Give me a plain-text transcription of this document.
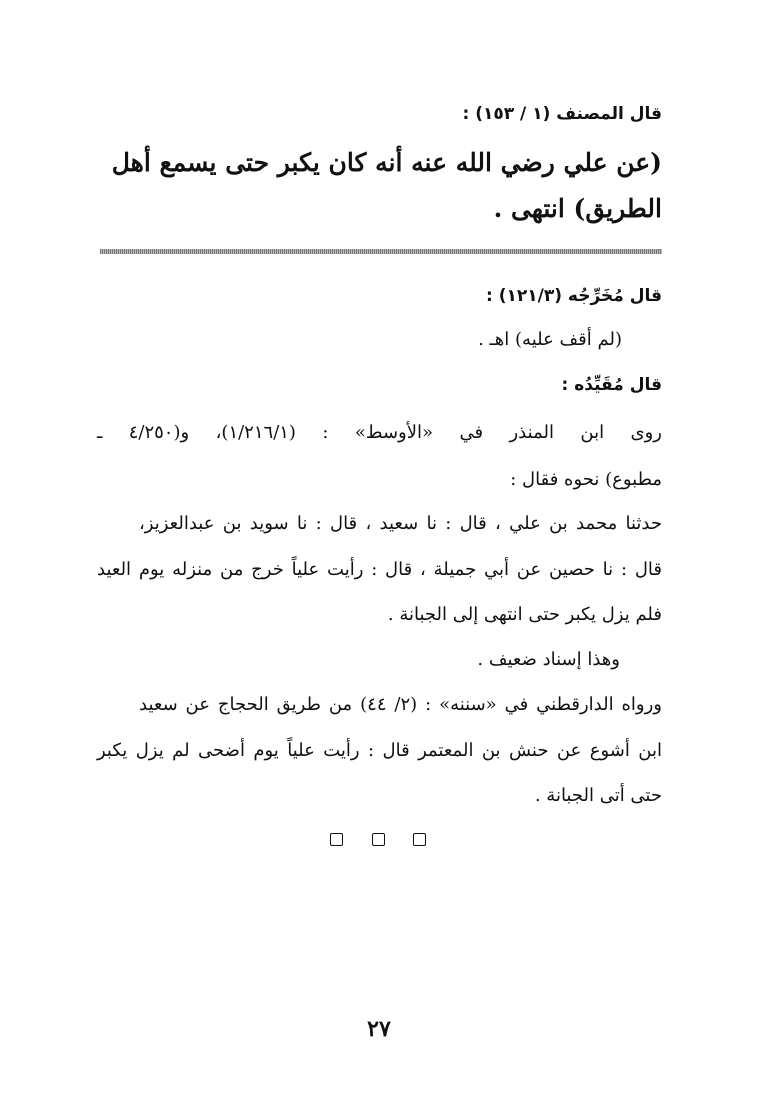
قال المصنف (١ / ١٥٣) :
(عن علي رضي الله عنه أنه كان يكبر حتى يسمع أهل
الطريق) انتهى .
قال مُخَرِّجُه (١٢١/٣) :
(لم أقف عليه) اهـ .
قال مُقَيِّدُه :
روى ابن المنذر في «الأوسط» : (١/٢١٦/١)، و(٤/٢٥٠ ـ
مطبوع) نحوه فقال :
حدثنا محمد بن علي ، قال : نا سعيد ، قال : نا سويد بن عبدالعزيز،
قال : نا حصين عن أبي جميلة ، قال : رأيت علياً خرج من منزله يوم العيد
فلم يزل يكبر حتى انتهى إلى الجبانة .
وهذا إسناد ضعيف .
ورواه الدارقطني في «سننه» : (٢/ ٤٤) من طريق الحجاج عن سعيد
ابن أشوع عن حنش بن المعتمر قال : رأيت علياً يوم أضحى لم يزل يكبر
حتى أتى الجبانة .
٢٧
